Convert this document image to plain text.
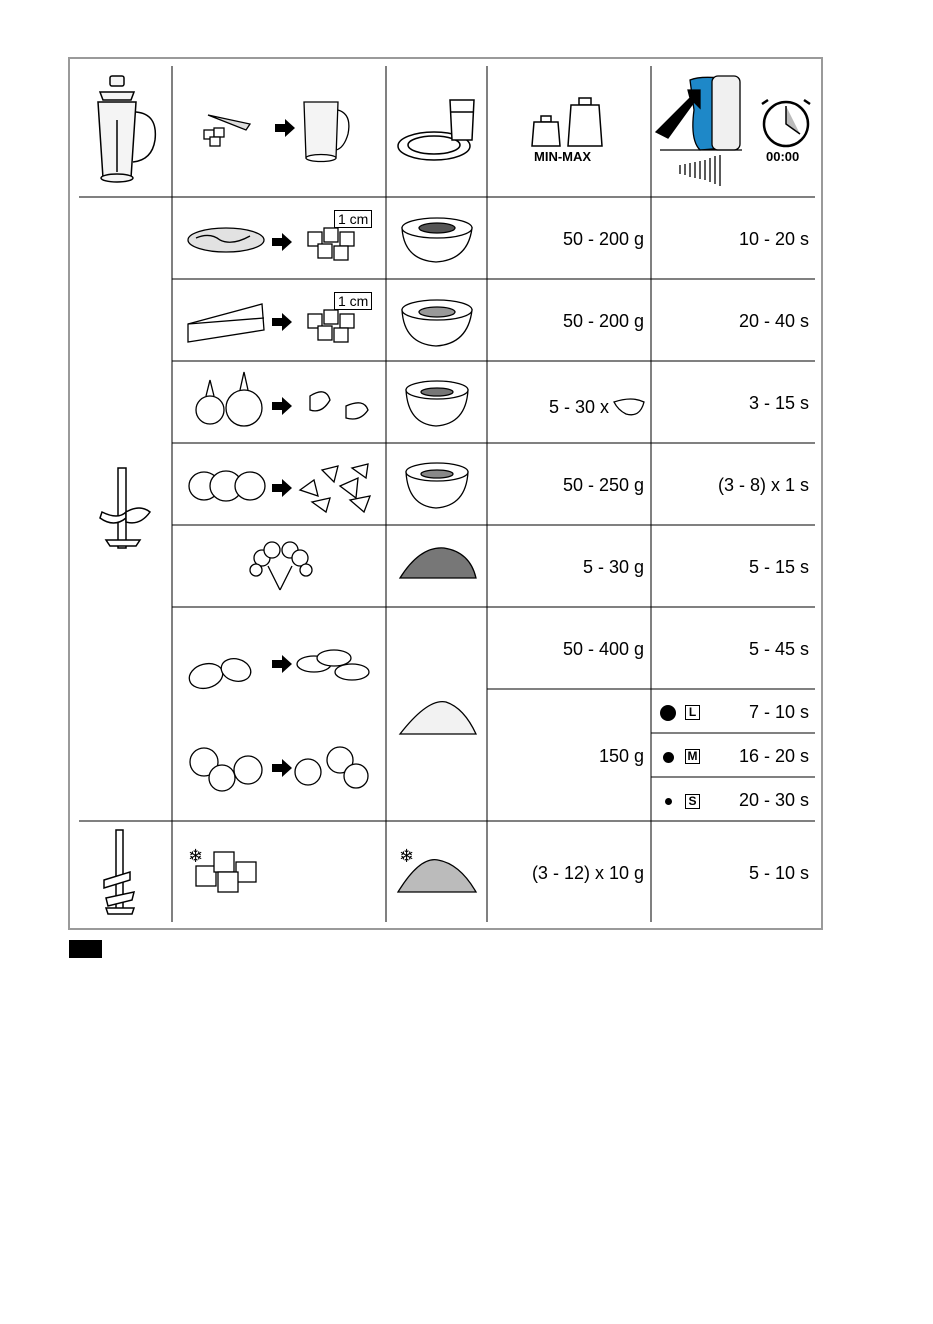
MIN-MAX	00:00
1 cm
50 - 200 g	10 - 20 s
1 cm
50 - 200 g	20 - 40 s
5 - 30 x	3 - 15 s
50 - 250 g	(3 - 8) x 1 s
5 - 30 g	5 - 15 s
50 - 400 g	5 - 45 s
150 g
L	7 - 10 s
M 16 - 20 s
S 20 - 30 s
❄	❄
(3 - 12) x 10 g	5 - 10 s
